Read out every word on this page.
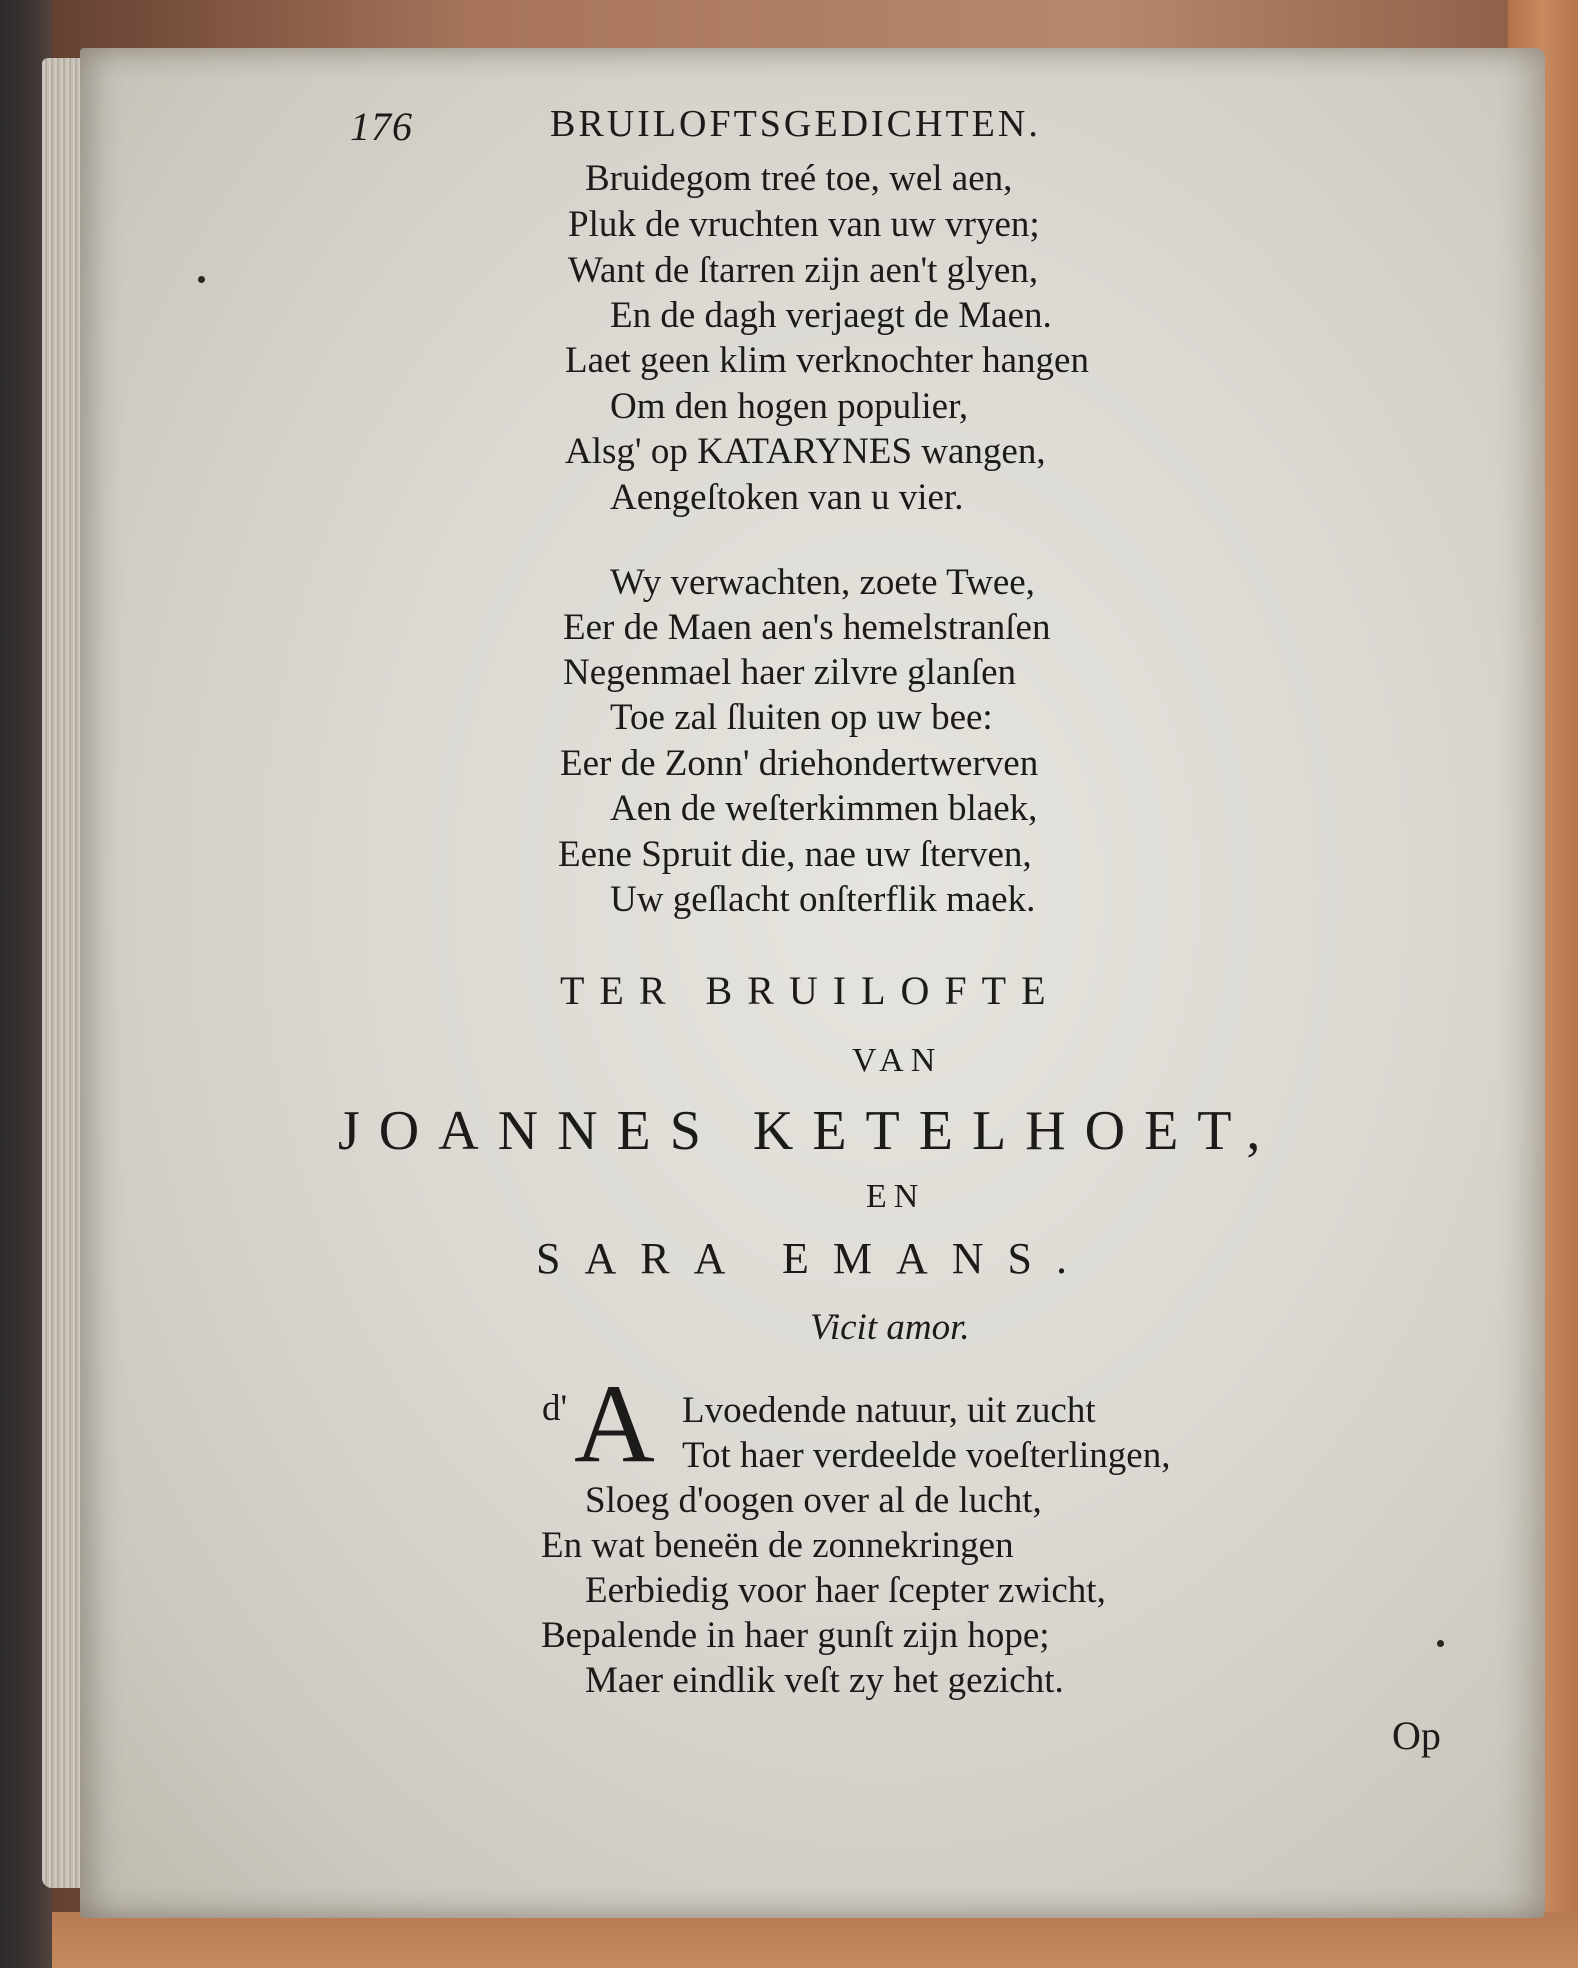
176	BRUILOFTSGEDICHTEN.
Bruidegom treé toe, wel aen,
Pluk de vruchten van uw vryen;
Want de ſtarren zijn aen't glyen,
En de dagh verjaegt de Maen.
Laet geen klim verknochter hangen
Om den hogen populier,
Alsg' op KATARYNES wangen,
Aengeſtoken van u vier.
Wy verwachten, zoete Twee,
Eer de Maen aen's hemelstranſen
Negenmael haer zilvre glanſen
Toe zal ſluiten op uw bee:
Eer de Zonn' driehondertwerven
Aen de weſterkimmen blaek,
Eene Spruit die, nae uw ſterven,
Uw geſlacht onſterflik maek.
TER BRUILOFTE
VAN
JOANNES KETELHOET,
EN
SARA EMANS.
Vicit amor.
d' A Lvoedende natuur, uit zucht
Tot haer verdeelde voeſterlingen,
Sloeg d'oogen over al de lucht,
En wat beneën de zonnekringen
Eerbiedig voor haer ſcepter zwicht,
Bepalende in haer gunſt zijn hope;
Maer eindlik veſt zy het gezicht.
Op
